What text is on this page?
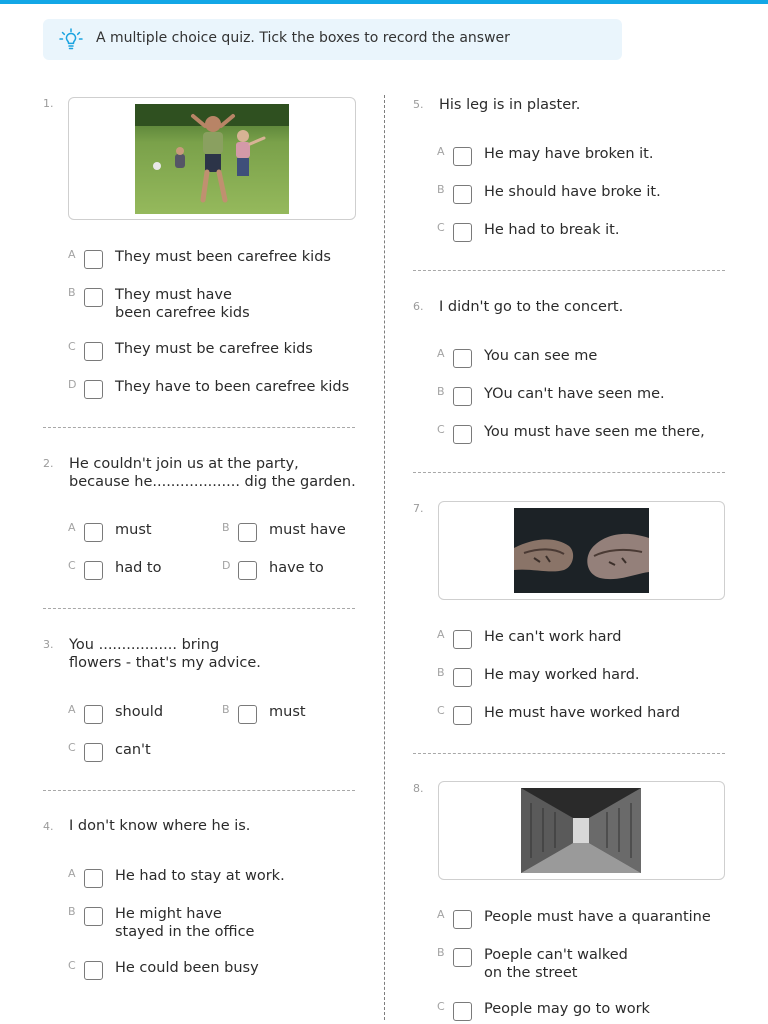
A multiple choice quiz. Tick the boxes to record the answer
1.
A	They must been carefree kids
B	They must have
been carefree kids
C	They must be carefree kids
D	They have to been carefree kids
2. He couldn't join us at the party,
because he................... dig the garden.
A	must	B	must have
C	had to	D	have to
3. You ................. bring
flowers - that's my advice.
A	should	B	must
C	can't
4. I don't know where he is.
A	He had to stay at work.
B	He might have
stayed in the office
C	He could been busy
5. His leg is in plaster.
A	He may have broken it.
B	He should have broke it.
C	He had to break it.
6. I didn't go to the concert.
A	You can see me
B	YOu can't have seen me.
C	You must have seen me there,
7.
A	He can't work hard
B	He may worked hard.
C	He must have worked hard
8.
A	People must have a quarantine
B	Poeple can't walked
on the street
C	People may go to work
